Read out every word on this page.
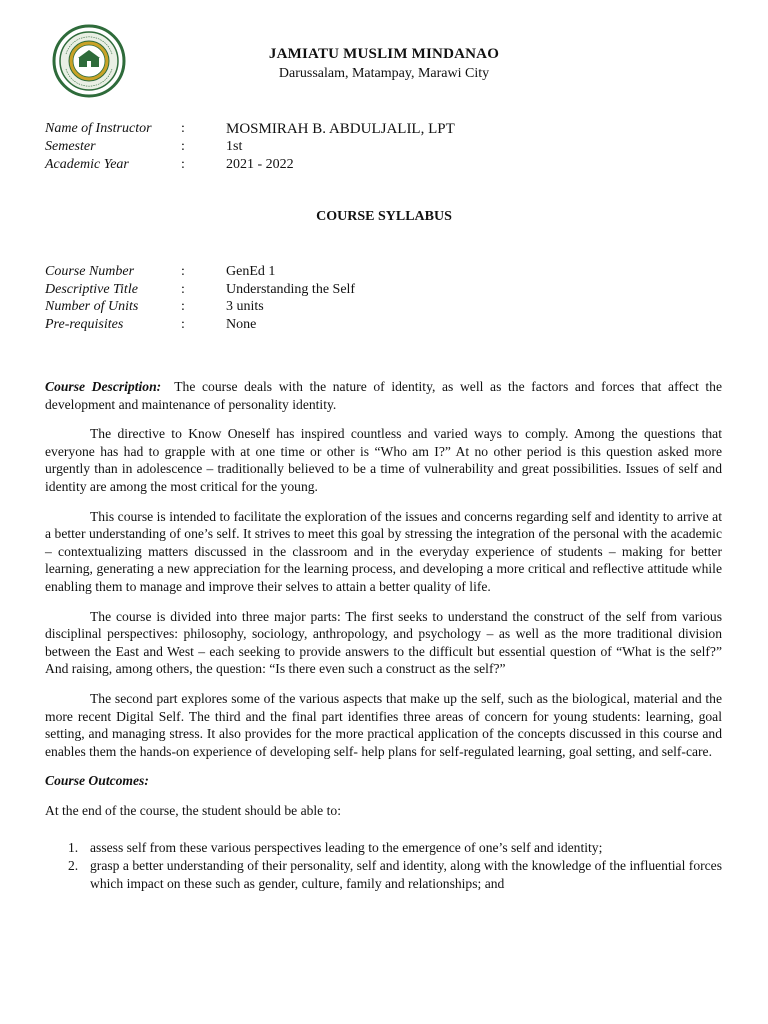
JAMIATU MUSLIM MINDANAO
Darussalam, Matampay, Marawi City
Name of Instructor	:	MOSMIRAH B. ABDULJALIL, LPT
Semester	:	1st
Academic Year	:	2021 - 2022
COURSE SYLLABUS
Course Number	:	GenEd 1
Descriptive Title	:	Understanding the Self
Number of Units	:	3 units
Pre-requisites	:	None

Course Description: The course deals with the nature of identity, as well as the factors and forces that affect the development and maintenance of personality identity.

The directive to Know Oneself has inspired countless and varied ways to comply. Among the questions that everyone has had to grapple with at one time or other is “Who am I?” At no other period is this question asked more urgently than in adolescence – traditionally believed to be a time of vulnerability and great possibilities. Issues of self and identity are among the most critical for the young.

This course is intended to facilitate the exploration of the issues and concerns regarding self and identity to arrive at a better understanding of one’s self. It strives to meet this goal by stressing the integration of the personal with the academic – contextualizing matters discussed in the classroom and in the everyday experience of students – making for better learning, generating a new appreciation for the learning process, and developing a more critical and reflective attitude while enabling them to manage and improve their selves to attain a better quality of life.

The course is divided into three major parts: The first seeks to understand the construct of the self from various disciplinal perspectives: philosophy, sociology, anthropology, and psychology – as well as the more traditional division between the East and West – each seeking to provide answers to the difficult but essential question of “What is the self?” And raising, among others, the question: “Is there even such a construct as the self?”

The second part explores some of the various aspects that make up the self, such as the biological, material and the more recent Digital Self. The third and the final part identifies three areas of concern for young students: learning, goal setting, and managing stress. It also provides for the more practical application of the concepts discussed in this course and enables them the hands-on experience of developing self- help plans for self-regulated learning, goal setting, and self-care.

Course Outcomes:

At the end of the course, the student should be able to:

1. assess self from these various perspectives leading to the emergence of one’s self and identity;
2. grasp a better understanding of their personality, self and identity, along with the knowledge of the influential forces which impact on these such as gender, culture, family and relationships; and
